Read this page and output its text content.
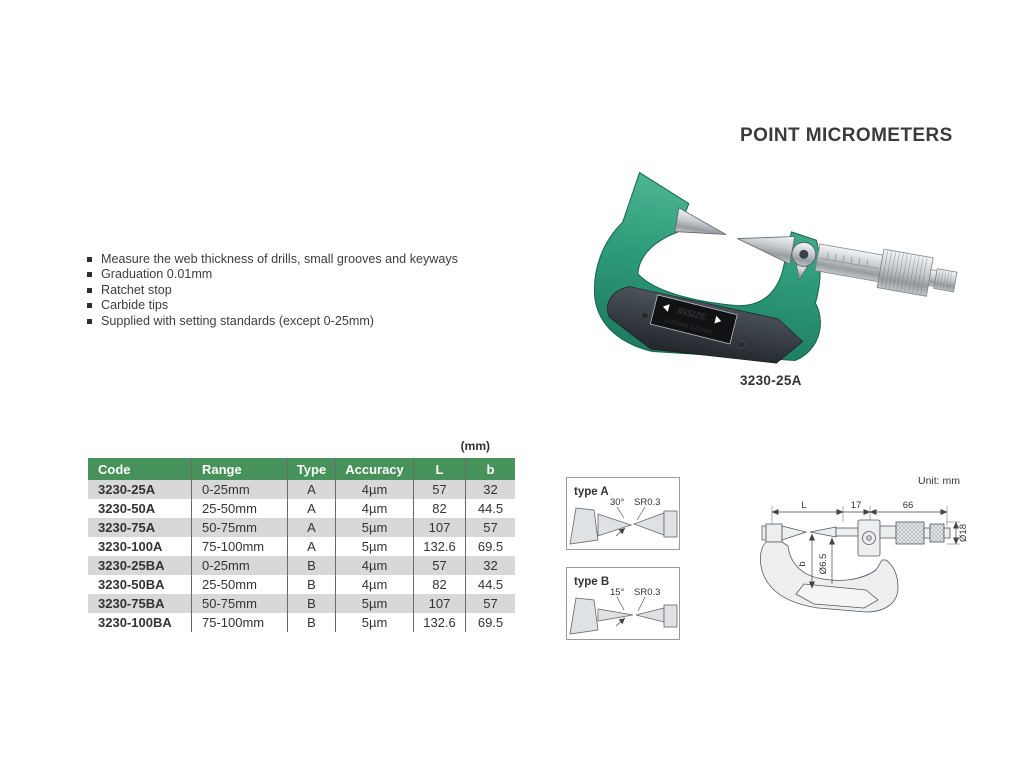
POINT MICROMETERS
Measure the web thickness of drills, small grooves and keyways
Graduation 0.01mm
Ratchet stop
Carbide tips
Supplied with setting standards (except 0-25mm)	INSIZE
0-25mm 0.01mm
3230-25A
(mm)
Code	Range	Type	Accuracy	L	b
3230-25A	0-25mm	A	4µm	57	32
3230-50A	25-50mm	A	4µm	82	44.5
3230-75A	50-75mm	A	5µm	107	57
3230-100A	75-100mm	A	5µm	132.6	69.5
3230-25BA	0-25mm	B	4µm	57	32
3230-50BA	25-50mm	B	4µm	82	44.5
3230-75BA	50-75mm	B	5µm	107	57
3230-100BA	75-100mm	B	5µm	132.6	69.5
type A
30° SR0.3
type B
15° SR0.3
Unit: mm
L	17	66
Ø18
Ø6.5
b
